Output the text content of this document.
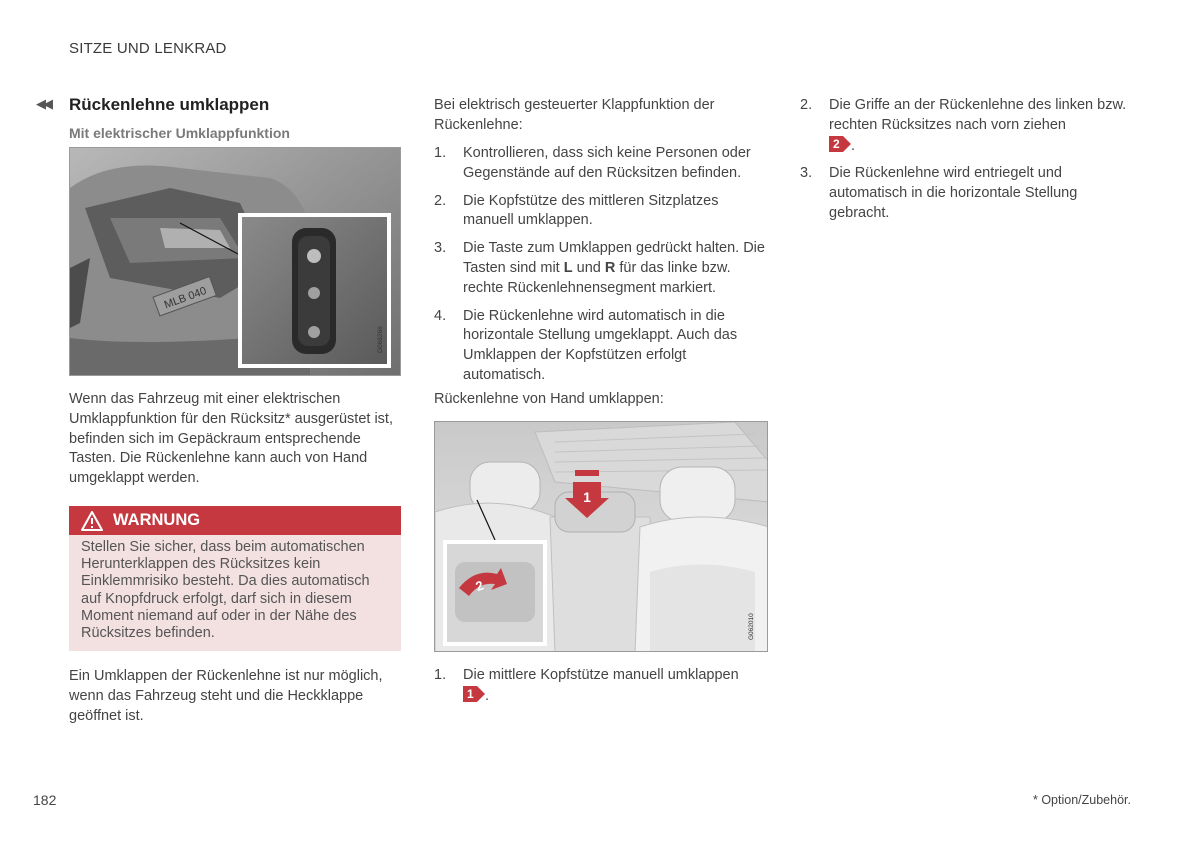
SITZE UND LENKRAD
◀◀ Rückenlehne umklappen
Mit elektrischer Umklappfunktion
MLB 040
G066266
Wenn das Fahrzeug mit einer elektrischen Umklappfunktion für den Rücksitz* ausgerüstet ist, befinden sich im Gepäckraum entsprechende Tasten. Die Rückenlehne kann auch von Hand umgeklappt werden.
WARNUNG
Stellen Sie sicher, dass beim automatischen Herunterklappen des Rücksitzes kein Einklemmrisiko besteht. Da dies automatisch auf Knopfdruck erfolgt, darf sich in diesem Moment niemand auf oder in der Nähe des Rücksitzes befinden.
Ein Umklappen der Rückenlehne ist nur möglich, wenn das Fahrzeug steht und die Heckklappe geöffnet ist.
Bei elektrisch gesteuerter Klappfunktion der Rückenlehne:
1. Kontrollieren, dass sich keine Personen oder Gegenstände auf den Rücksitzen befinden.
2. Die Kopfstütze des mittleren Sitzplatzes manuell umklappen.
3. Die Taste zum Umklappen gedrückt halten. Die Tasten sind mit L und R für das linke bzw. rechte Rückenlehnensegment markiert.
4. Die Rückenlehne wird automatisch in die horizontale Stellung umgeklappt. Auch das Umklappen der Kopfstützen erfolgt automatisch.
Rückenlehne von Hand umklappen:
1
2
G062010
1. Die mittlere Kopfstütze manuell umklappen

1 .
2. Die Griffe an der Rückenlehne des linken bzw. rechten Rücksitzes nach vorn ziehen

2 .
3. Die Rückenlehne wird entriegelt und automatisch in die horizontale Stellung gebracht.
182	* Option/Zubehör.
